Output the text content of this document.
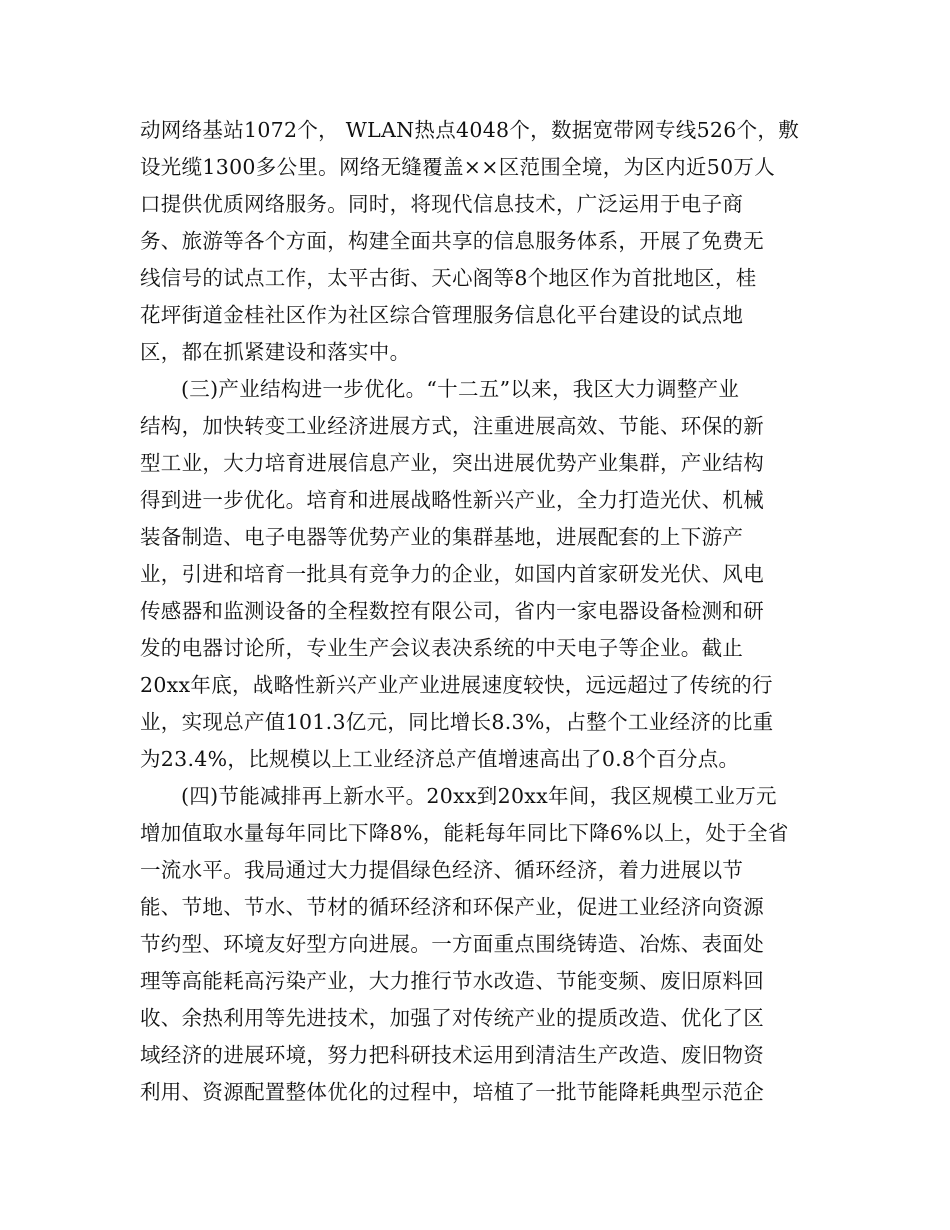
动网络基站1072个， WLAN热点4048个，数据宽带网专线526个，敷
设光缆1300多公里。网络无缝覆盖××区范围全境，为区内近50万人
口提供优质网络服务。同时，将现代信息技术，广泛运用于电子商
务、旅游等各个方面，构建全面共享的信息服务体系，开展了免费无
线信号的试点工作，太平古街、天心阁等8个地区作为首批地区，桂
花坪街道金桂社区作为社区综合管理服务信息化平台建设的试点地
区，都在抓紧建设和落实中。
(三)产业结构进一步优化。“十二五”以来，我区大力调整产业
结构，加快转变工业经济进展方式，注重进展高效、节能、环保的新
型工业，大力培育进展信息产业，突出进展优势产业集群，产业结构
得到进一步优化。培育和进展战略性新兴产业，全力打造光伏、机械
装备制造、电子电器等优势产业的集群基地，进展配套的上下游产
业，引进和培育一批具有竞争力的企业，如国内首家研发光伏、风电
传感器和监测设备的全程数控有限公司，省内一家电器设备检测和研
发的电器讨论所，专业生产会议表决系统的中天电子等企业。截止
20xx年底，战略性新兴产业产业进展速度较快，远远超过了传统的行
业，实现总产值101.3亿元，同比增长8.3%，占整个工业经济的比重
为23.4%，比规模以上工业经济总产值增速高出了0.8个百分点。
(四)节能减排再上新水平。20xx到20xx年间，我区规模工业万元
增加值取水量每年同比下降8%，能耗每年同比下降6%以上，处于全省
一流水平。我局通过大力提倡绿色经济、循环经济，着力进展以节
能、节地、节水、节材的循环经济和环保产业，促进工业经济向资源
节约型、环境友好型方向进展。一方面重点围绕铸造、冶炼、表面处
理等高能耗高污染产业，大力推行节水改造、节能变频、废旧原料回
收、余热利用等先进技术，加强了对传统产业的提质改造、优化了区
域经济的进展环境，努力把科研技术运用到清洁生产改造、废旧物资
利用、资源配置整体优化的过程中，培植了一批节能降耗典型示范企
